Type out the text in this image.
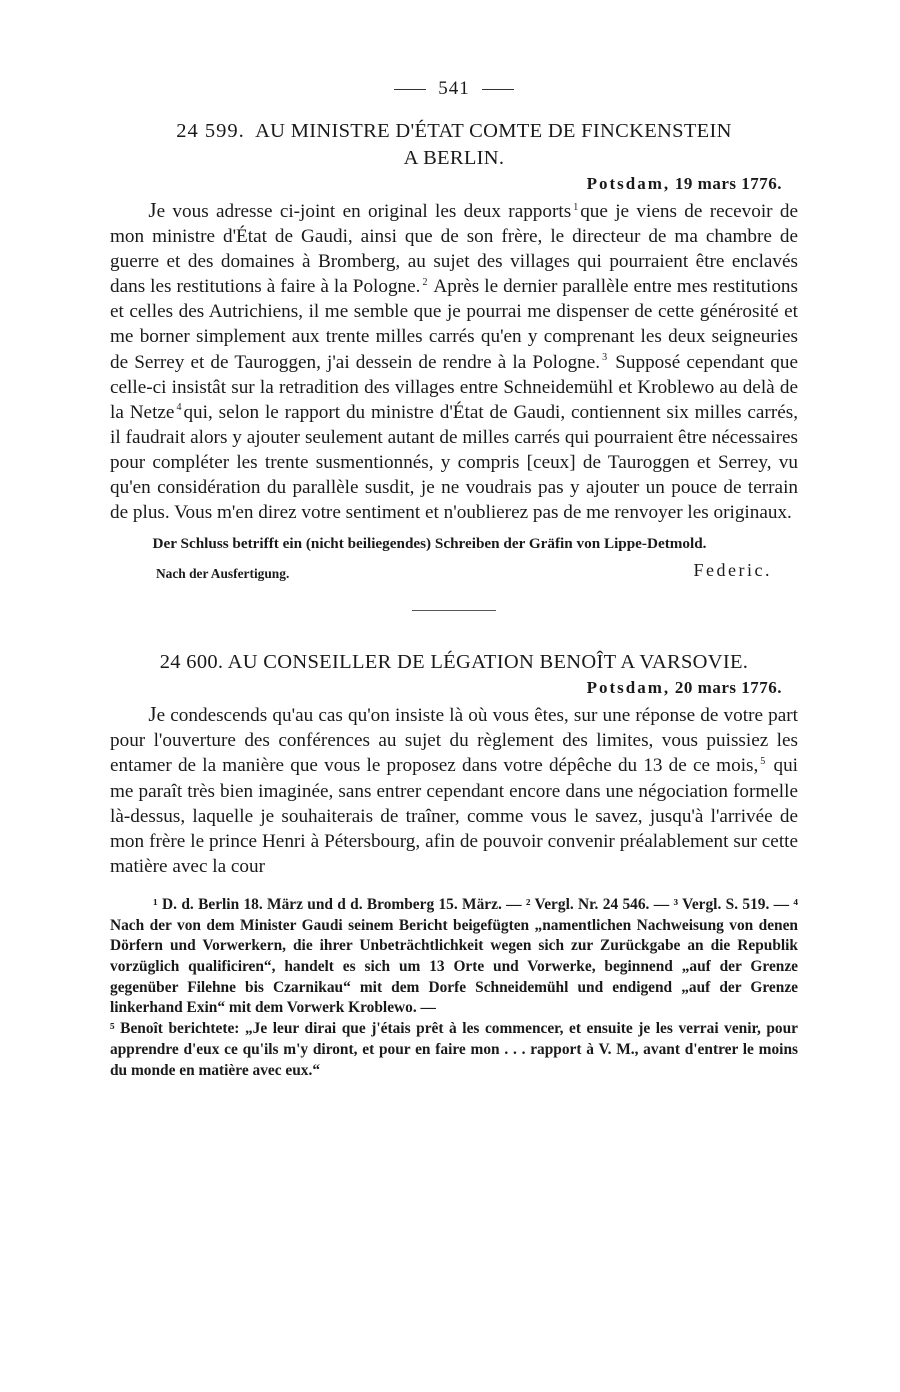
541
24 599. AU MINISTRE D'ÉTAT COMTE DE FINCKENSTEIN
A BERLIN.
Potsdam, 19 mars 1776.

Je vous adresse ci-joint en original les deux rapports $^1$ que je viens de recevoir de mon ministre d'État de Gaudi, ainsi que de son frère, le directeur de ma chambre de guerre et des domaines à Bromberg, au sujet des villages qui pourraient être enclavés dans les restitutions à faire à la Pologne. $^2$ Après le dernier parallèle entre mes restitutions et celles des Autrichiens, il me semble que je pourrai me dispenser de cette générosité et me borner simplement aux trente milles carrés qu'en y comprenant les deux seigneuries de Serrey et de Tauroggen, j'ai dessein de rendre à la Pologne. $^3$ Supposé cependant que celle-ci insistât sur la retradition des villages entre Schneidemühl et Kroblewo au delà de la Netze $^4$ qui, selon le rapport du ministre d'État de Gaudi, contiennent six milles carrés, il faudrait alors y ajouter seulement autant de milles carrés qui pourraient être nécessaires pour compléter les trente susmentionnés, y compris [ceux] de Tauroggen et Serrey, vu qu'en considération du parallèle susdit, je ne voudrais pas y ajouter un pouce de terrain de plus. Vous m'en direz votre sentiment et n'oublierez pas de me renvoyer les originaux.

Der Schluss betrifft ein (nicht beiliegendes) Schreiben der Gräfin von Lippe-Detmold.
Nach der Ausfertigung.	Federic.
24 600. AU CONSEILLER DE LÉGATION BENOÎT A VARSOVIE.
Potsdam, 20 mars 1776.

Je condescends qu'au cas qu'on insiste là où vous êtes, sur une réponse de votre part pour l'ouverture des conférences au sujet du règlement des limites, vous puissiez les entamer de la manière que vous le proposez dans votre dépêche du 13 de ce mois, $^5$ qui me paraît très bien imaginée, sans entrer cependant encore dans une négociation formelle là-dessus, laquelle je souhaiterais de traîner, comme vous le savez, jusqu'à l'arrivée de mon frère le prince Henri à Pétersbourg, afin de pouvoir convenir préalablement sur cette matière avec la cour

¹ D. d. Berlin 18. März und d d. Bromberg 15. März. — ² Vergl. Nr. 24 546. — ³ Vergl. S. 519. — ⁴ Nach der von dem Minister Gaudi seinem Bericht beigefügten „namentlichen Nachweisung von denen Dörfern und Vorwerkern, die ihrer Unbeträchtlichkeit wegen sich zur Zurückgabe an die Republik vorzüglich qualificiren“, handelt es sich um 13 Orte und Vorwerke, beginnend „auf der Grenze gegenüber Filehne bis Czarnikau“ mit dem Dorfe Schneidemühl und endigend „auf der Grenze linkerhand Exin“ mit dem Vorwerk Kroblewo. —

⁵ Benoît berichtete: „Je leur dirai que j'étais prêt à les commencer, et ensuite je les verrai venir, pour apprendre d'eux ce qu'ils m'y diront, et pour en faire mon . . . rapport à V. M., avant d'entrer le moins du monde en matière avec eux.“
